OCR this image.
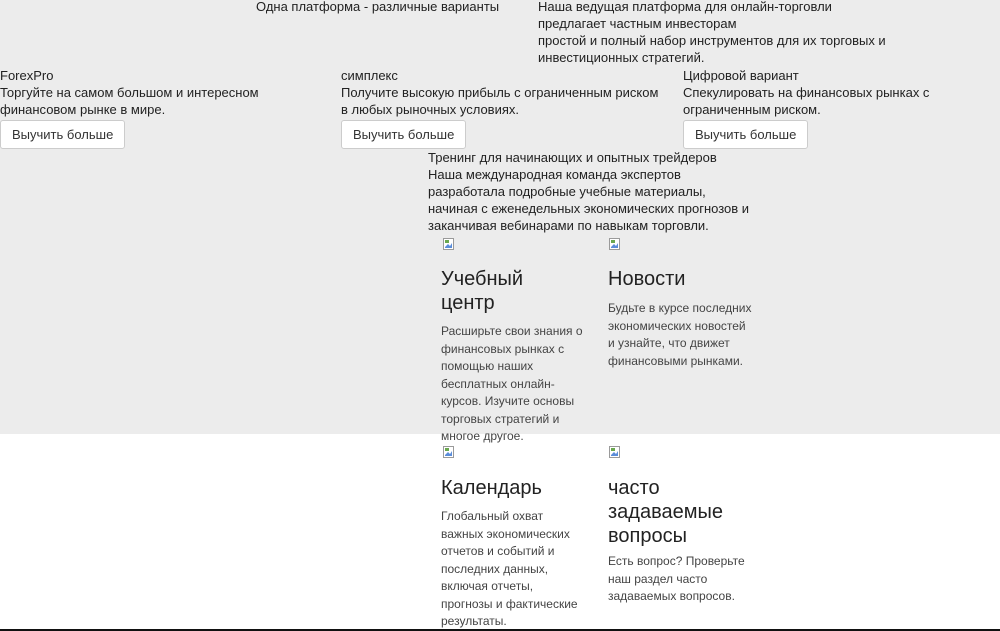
Одна платформа - различные варианты	Наша ведущая платформа для онлайн-торговли предлагает частным инвесторам

простой и полный набор инструментов для их торговых и инвестиционных стратегий.

ForexPro

Торгуйте на самом большом и интересном финансовом рынке в мире.

Выучить больше

симплекс

Получите высокую прибыль с ограниченным риском в любых рыночных условиях.

Выучить больше

Цифровой вариант

Спекулировать на финансовых рынках с ограниченным риском.

Выучить больше

Тренинг для начинающих и опытных трейдеров

Наша международная команда экспертов разработала подробные учебные материалы, начиная с еженедельных экономических прогнозов и заканчивая вебинарами по навыкам торговли.

Учебный центр
Расширьте свои знания о финансовых рынках с помощью наших бесплатных онлайн-курсов. Изучите основы торговых стратегий и многое другое.
Новости
Будьте в курсе последних экономических новостей и узнайте, что движет финансовыми рынками.
Календарь
Глобальный охват важных экономических отчетов и событий и последних данных, включая отчеты, прогнозы и фактические результаты.
часто задаваемые вопросы
Есть вопрос? Проверьте наш раздел часто задаваемых вопросов.
